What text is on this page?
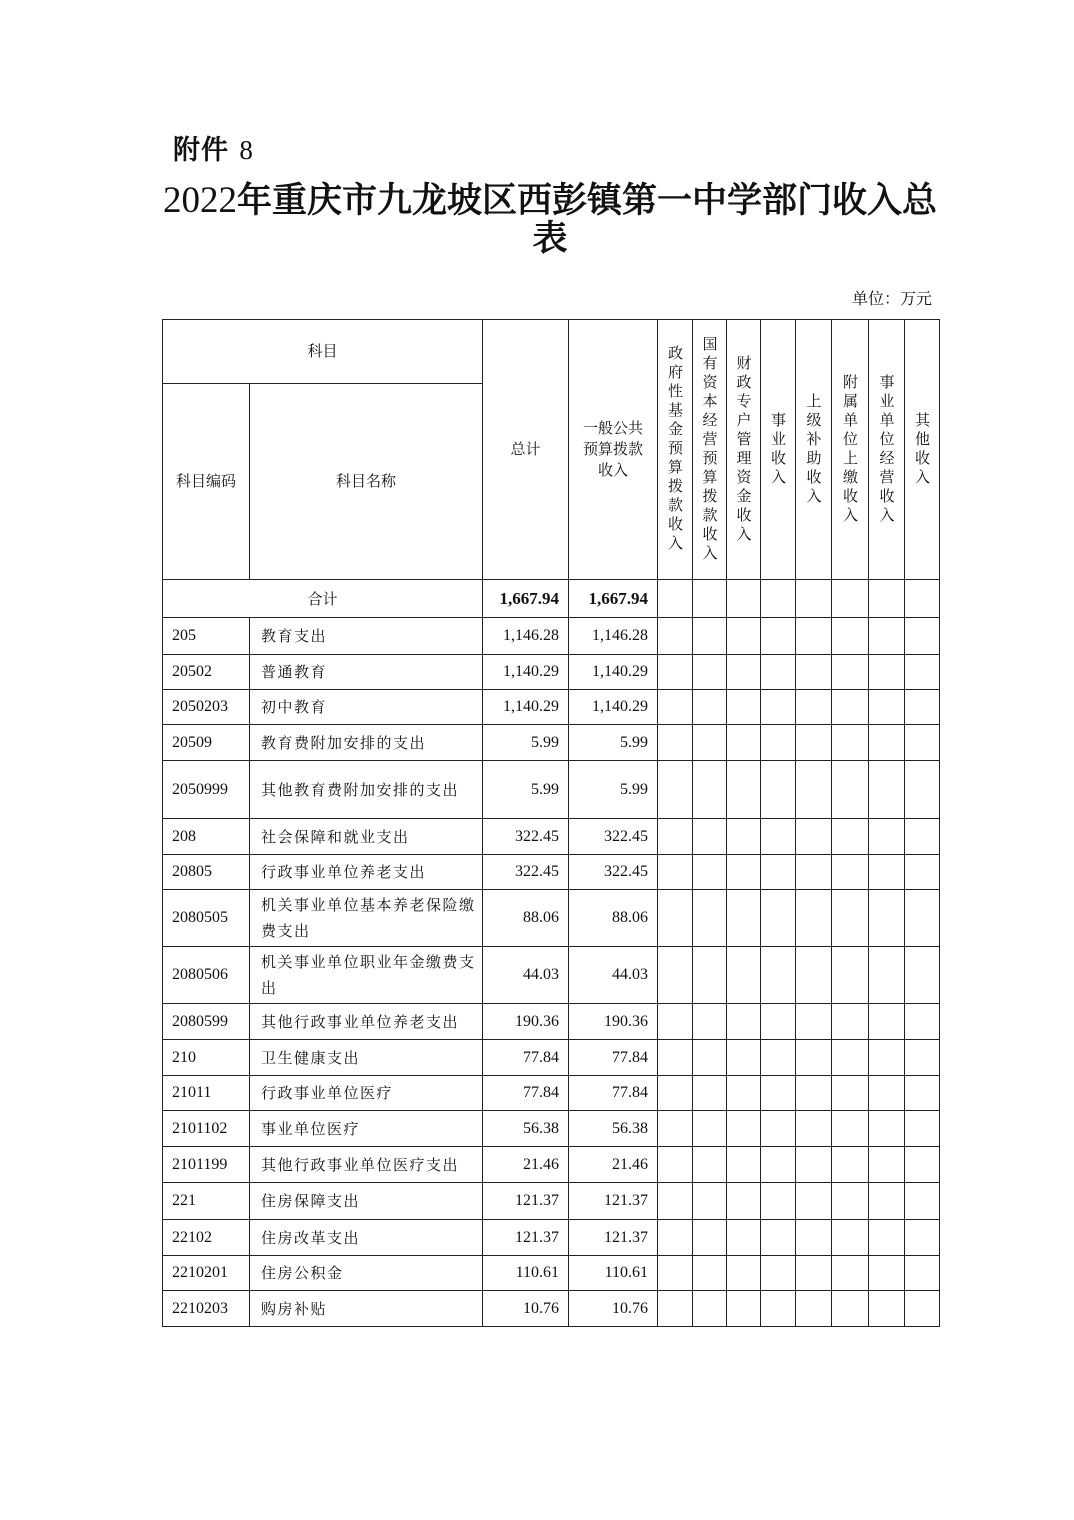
附件 8
2022年重庆市九龙坡区西彭镇第一中学部门收入总表
单位：万元
科目		总计	一般公共预算拨款收入	政府性基金预算拨款收入	国有资本经营预算拨款收入	财政专户管理资金收入	事业收入	上级补助收入	附属单位上缴收入	事业单位经营收入	其他收入

科目编码	科目名称										
合计		1,667.94	1,667.94								
205	教育支出	1,146.28	1,146.28								
20502	普通教育	1,140.29	1,140.29								
2050203	初中教育	1,140.29	1,140.29								
20509	教育费附加安排的支出	5.99	5.99								
2050999	其他教育费附加安排的支出	5.99	5.99								
208	社会保障和就业支出	322.45	322.45								
20805	行政事业单位养老支出	322.45	322.45								
2080505	机关事业单位基本养老保险缴费支出	88.06	88.06								
2080506	机关事业单位职业年金缴费支出	44.03	44.03								
2080599	其他行政事业单位养老支出	190.36	190.36								
210	卫生健康支出	77.84	77.84								
21011	行政事业单位医疗	77.84	77.84								
2101102	事业单位医疗	56.38	56.38								
2101199	其他行政事业单位医疗支出	21.46	21.46								
221	住房保障支出	121.37	121.37								
22102	住房改革支出	121.37	121.37								
2210201	住房公积金	110.61	110.61								
2210203	购房补贴	10.76	10.76								
